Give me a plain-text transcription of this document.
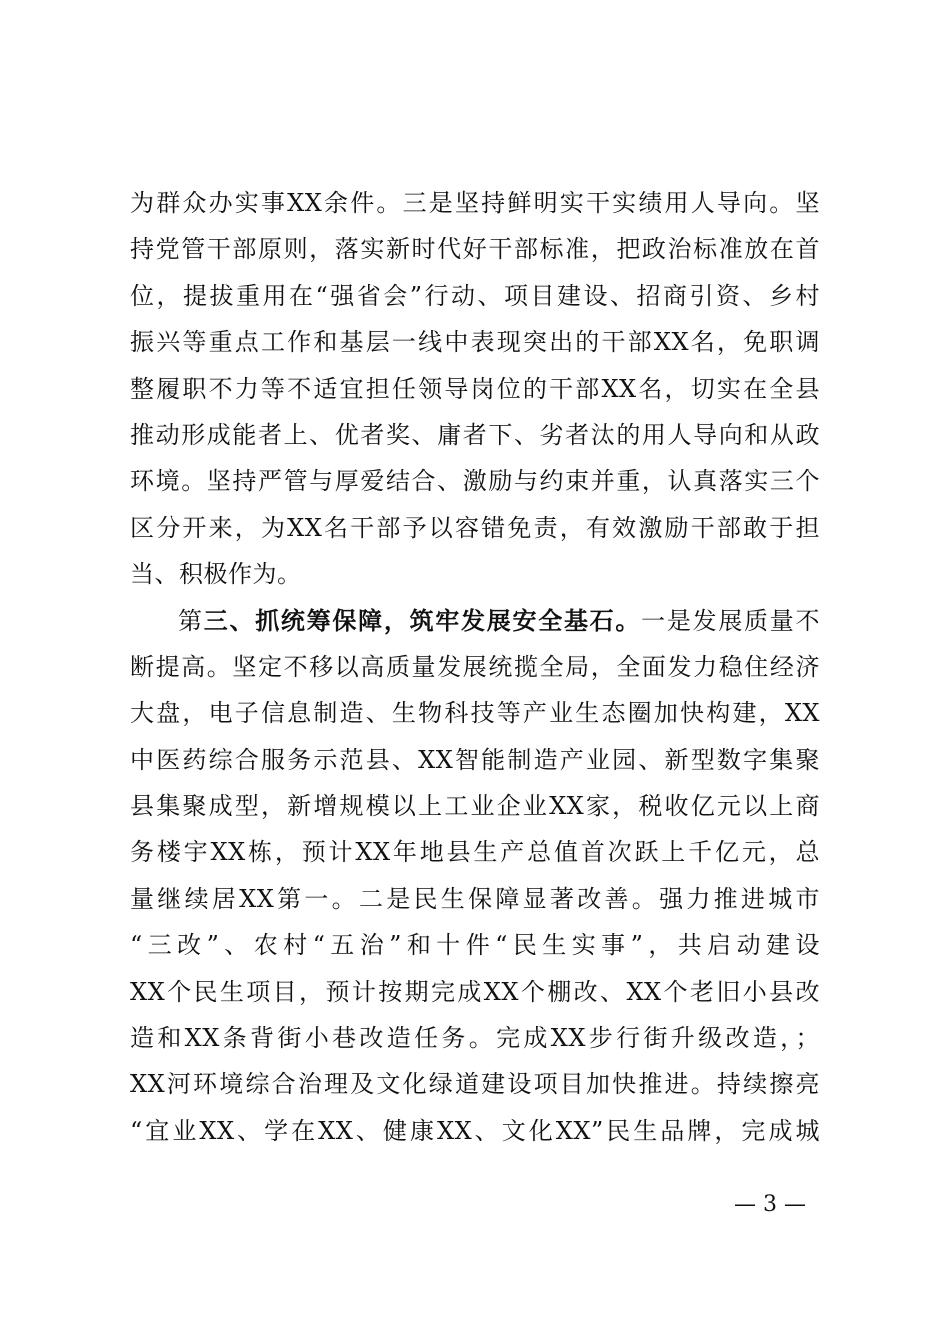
为群众办实事XX余件。三是坚持鲜明实干实绩用人导向。坚
持党管干部原则，落实新时代好干部标准，把政治标准放在首
位，提拔重用在“强省会”行动、项目建设、招商引资、乡村
振兴等重点工作和基层一线中表现突出的干部XX名，免职调
整履职不力等不适宜担任领导岗位的干部XX名，切实在全县
推动形成能者上、优者奖、庸者下、劣者汰的用人导向和从政
环境。坚持严管与厚爱结合、激励与约束并重，认真落实三个
区分开来，为XX名干部予以容错免责，有效激励干部敢于担
当、积极作为。
第三、抓统筹保障，筑牢发展安全基石。一是发展质量不
断提高。坚定不移以高质量发展统揽全局，全面发力稳住经济
大盘，电子信息制造、生物科技等产业生态圈加快构建，XX
中医药综合服务示范县、XX智能制造产业园、新型数字集聚
县集聚成型，新增规模以上工业企业XX家，税收亿元以上商
务楼宇XX栋，预计XX年地县生产总值首次跃上千亿元，总
量继续居XX第一。二是民生保障显著改善。强力推进城市
“三改”、农村“五治”和十件“民生实事”，共启动建设
XX个民生项目，预计按期完成XX个棚改、XX个老旧小县改
造和XX条背街小巷改造任务。完成XX步行街升级改造，；
XX河环境综合治理及文化绿道建设项目加快推进。持续擦亮
“宜业XX、学在XX、健康XX、文化XX”民生品牌，完成城
— 3 —
